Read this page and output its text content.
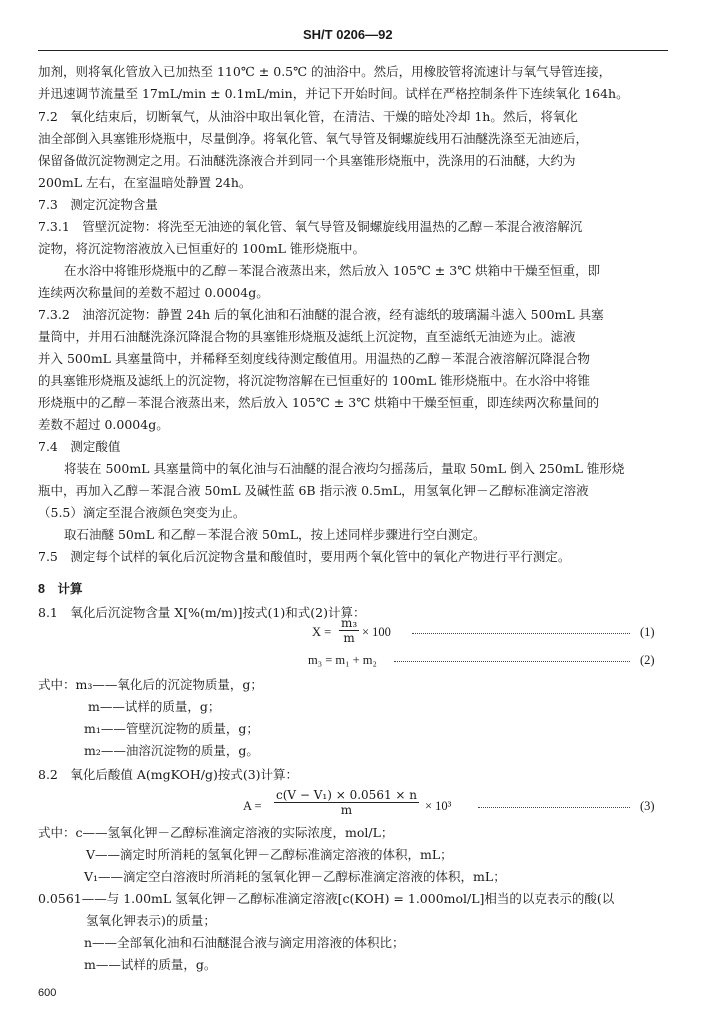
SH/T 0206—92
加剂，则将氧化管放入已加热至 110℃ ± 0.5℃ 的油浴中。然后，用橡胶管将流速计与氧气导管连接，
并迅速调节流量至 17mL/min ± 0.1mL/min，并记下开始时间。试样在严格控制条件下连续氧化 164h。
7.2　氧化结束后，切断氧气，从油浴中取出氧化管，在清洁、干燥的暗处冷却 1h。然后，将氧化
油全部倒入具塞锥形烧瓶中，尽量倒净。将氧化管、氧气导管及铜螺旋线用石油醚洗涤至无油迹后，
保留备做沉淀物测定之用。石油醚洗涤液合并到同一个具塞锥形烧瓶中，洗涤用的石油醚，大约为
200mL 左右，在室温暗处静置 24h。
7.3　测定沉淀物含量
7.3.1　管壁沉淀物：将洗至无油迹的氧化管、氧气导管及铜螺旋线用温热的乙醇－苯混合液溶解沉
淀物，将沉淀物溶液放入已恒重好的 100mL 锥形烧瓶中。
在水浴中将锥形烧瓶中的乙醇－苯混合液蒸出来，然后放入 105℃ ± 3℃ 烘箱中干燥至恒重，即
连续两次称量间的差数不超过 0.0004g。
7.3.2　油溶沉淀物：静置 24h 后的氧化油和石油醚的混合液，经有滤纸的玻璃漏斗滤入 500mL 具塞
量筒中，并用石油醚洗涤沉降混合物的具塞锥形烧瓶及滤纸上沉淀物，直至滤纸无油迹为止。滤液
并入 500mL 具塞量筒中，并稀释至刻度线待测定酸值用。用温热的乙醇－苯混合液溶解沉降混合物
的具塞锥形烧瓶及滤纸上的沉淀物，将沉淀物溶解在已恒重好的 100mL 锥形烧瓶中。在水浴中将锥
形烧瓶中的乙醇－苯混合液蒸出来，然后放入 105℃ ± 3℃ 烘箱中干燥至恒重，即连续两次称量间的
差数不超过 0.0004g。
7.4　测定酸值
将装在 500mL 具塞量筒中的氧化油与石油醚的混合液均匀摇荡后，量取 50mL 倒入 250mL 锥形烧
瓶中，再加入乙醇－苯混合液 50mL 及碱性蓝 6B 指示液 0.5mL，用氢氧化钾－乙醇标准滴定溶液
（5.5）滴定至混合液颜色突变为止。
取石油醚 50mL 和乙醇－苯混合液 50mL，按上述同样步骤进行空白测定。
7.5　测定每个试样的氧化后沉淀物含量和酸值时，要用两个氧化管中的氧化产物进行平行测定。
8　计算
8.1　氧化后沉淀物含量 X[%(m/m)]按式(1)和式(2)计算：
$X = \frac{\text{m₃}}{m} \times 100$	(1)
m₃ = m₁ + m₂	(2)
式中：m₃——氧化后的沉淀物质量，g；
m——试样的质量，g；
m₁——管壁沉淀物的质量，g；
m₂——油溶沉淀物的质量，g。
8.2　氧化后酸值 A(mgKOH/g)按式(3)计算：
$A = \frac{\text{c(V − V₁) × 0.0561 × n}}{m} \times 10^3$	(3)
式中：c——氢氧化钾－乙醇标准滴定溶液的实际浓度，mol/L；
V——滴定时所消耗的氢氧化钾－乙醇标准滴定溶液的体积，mL；
V₁——滴定空白溶液时所消耗的氢氧化钾－乙醇标准滴定溶液的体积，mL；
0.0561——与 1.00mL 氢氧化钾－乙醇标准滴定溶液[c(KOH) = 1.000mol/L]相当的以克表示的酸(以
氢氧化钾表示)的质量；
n——全部氧化油和石油醚混合液与滴定用溶液的体积比；
m——试样的质量，g。
600
